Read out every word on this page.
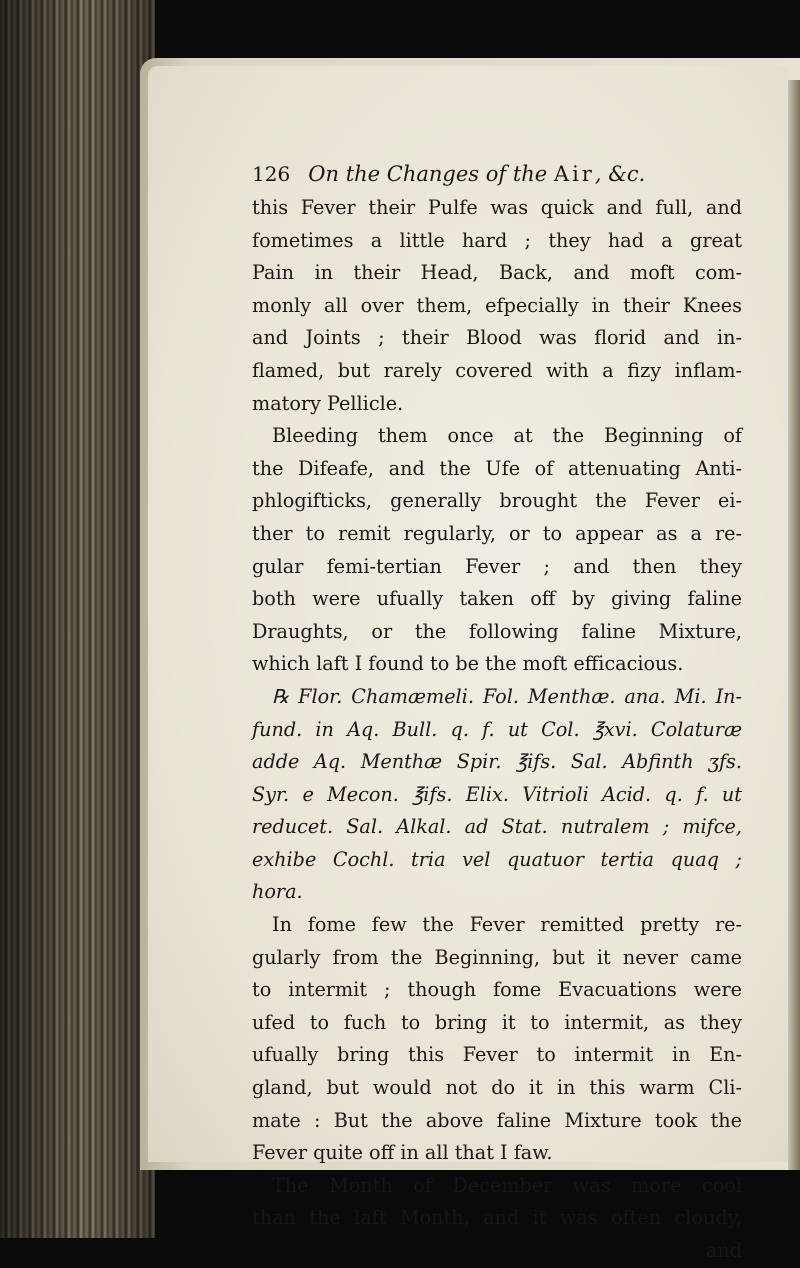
126 On the Changes of the Air, &c.
this Fever their Pulfe was quick and full, and
fometimes a little hard ; they had a great
Pain in their Head, Back, and moft com-
monly all over them, efpecially in their Knees
and Joints ; their Blood was florid and in-
flamed, but rarely covered with a fizy inflam-
matory Pellicle.
Bleeding them once at the Beginning of
the Difeafe, and the Ufe of attenuating Anti-
phlogifticks, generally brought the Fever ei-
ther to remit regularly, or to appear as a re-
gular femi-tertian Fever ; and then they
both were ufually taken off by giving faline
Draughts, or the following faline Mixture,
which laft I found to be the moft efficacious.
℞ Flor. Chamæmeli. Fol. Menthæ. ana. Mi. In-
fund. in Aq. Bull. q. f. ut Col. ℥xvi. Colaturæ
adde Aq. Menthæ Spir. ℥ifs. Sal. Abfinth ʒfs.
Syr. e Mecon. ℥ifs. Elix. Vitrioli Acid. q. f. ut
reducet. Sal. Alkal. ad Stat. nutralem ; mifce,
exhibe Cochl. tria vel quatuor tertia quaq ;
hora.
In fome few the Fever remitted pretty re-
gularly from the Beginning, but it never came
to intermit ; though fome Evacuations were
ufed to fuch to bring it to intermit, as they
ufually bring this Fever to intermit in En-
gland, but would not do it in this warm Cli-
mate : But the above faline Mixture took the
Fever quite off in all that I faw.
The Month of December was more cool
than the laft Month, and it was often cloudy,
and
